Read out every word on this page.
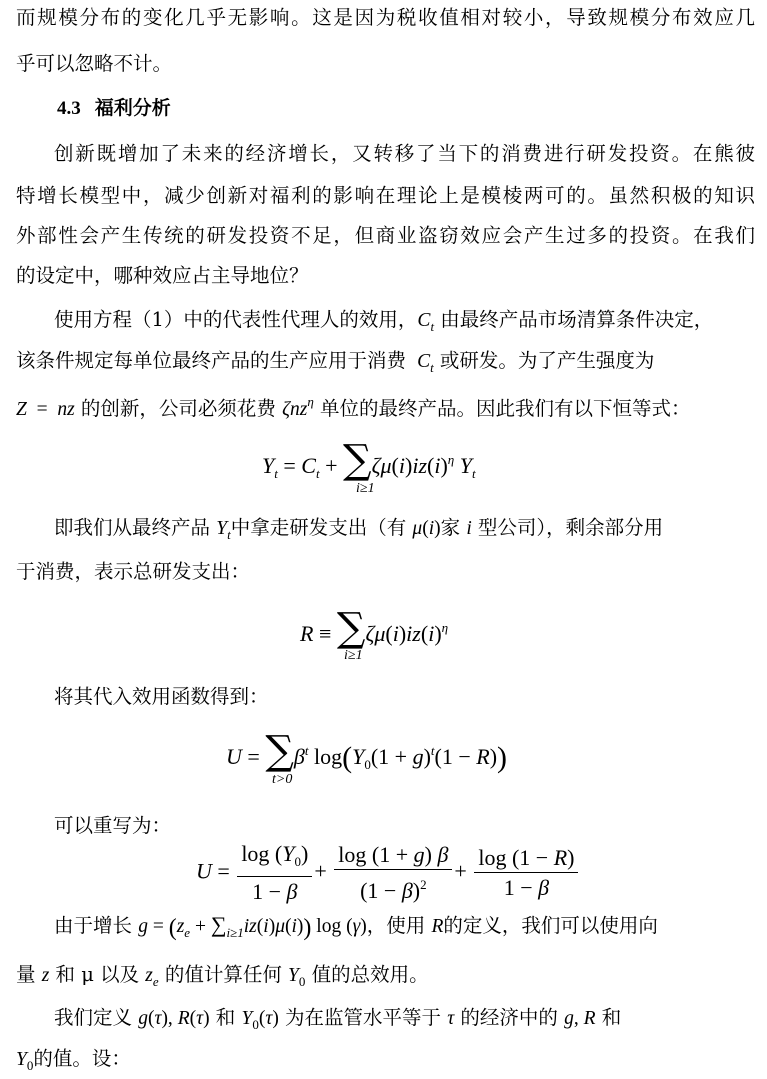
而规模分布的变化几乎无影响。这是因为税收值相对较小，导致规模分布效应几
乎可以忽略不计。
4.3 福利分析
创新既增加了未来的经济增长，又转移了当下的消费进行研发投资。在熊彼
特增长模型中，减少创新对福利的影响在理论上是模棱两可的。虽然积极的知识
外部性会产生传统的研发投资不足，但商业盗窃效应会产生过多的投资。在我们
的设定中，哪种效应占主导地位？
使用方程（1）中的代表性代理人的效用，$C_t$ 由最终产品市场清算条件决定，
该条件规定每单位最终产品的生产应用于消费  $C_t$ 或研发。为了产生强度为
Z  =  nz 的创新，公司必须花费 ζnz$^\eta$ 单位的最终产品。因此我们有以下恒等式：
$Y_t = C_t + \sum\zeta\mu(i)iz(i)^\eta$ $Y_t$
i≥1
即我们从最终产品 $Y_t$中拿走研发支出（有 μ(i)家 i 型公司），剩余部分用
于消费，表示总研发支出：
$R \equiv \sum\zeta\mu(i)iz(i)^\eta$
i≥1
将其代入效用函数得到：
$U = \sum\beta^t$ $\log(Y_0(1 + g)^t(1 - R))$
t>0
可以重写为：
$U = \frac{\log (Y_0)}{1 - \beta} + \frac{\log (1 + g) \beta}{(1 - \beta)^2} + \frac{\log (1 - R)}{1 - \beta}$
由于增长 $g = (z_e + \sum_{i\ge 1}iz(i)\mu(i))$ log (γ)，使用 R的定义，我们可以使用向
量 z 和 μ 以及 $z_e$ 的值计算任何 $Y_0$ 值的总效用。
我们定义 g(τ), R(τ) 和 $Y_0(\tau)$ 为在监管水平等于 τ 的经济中的 g, R 和
$Y_0$的值。设：
